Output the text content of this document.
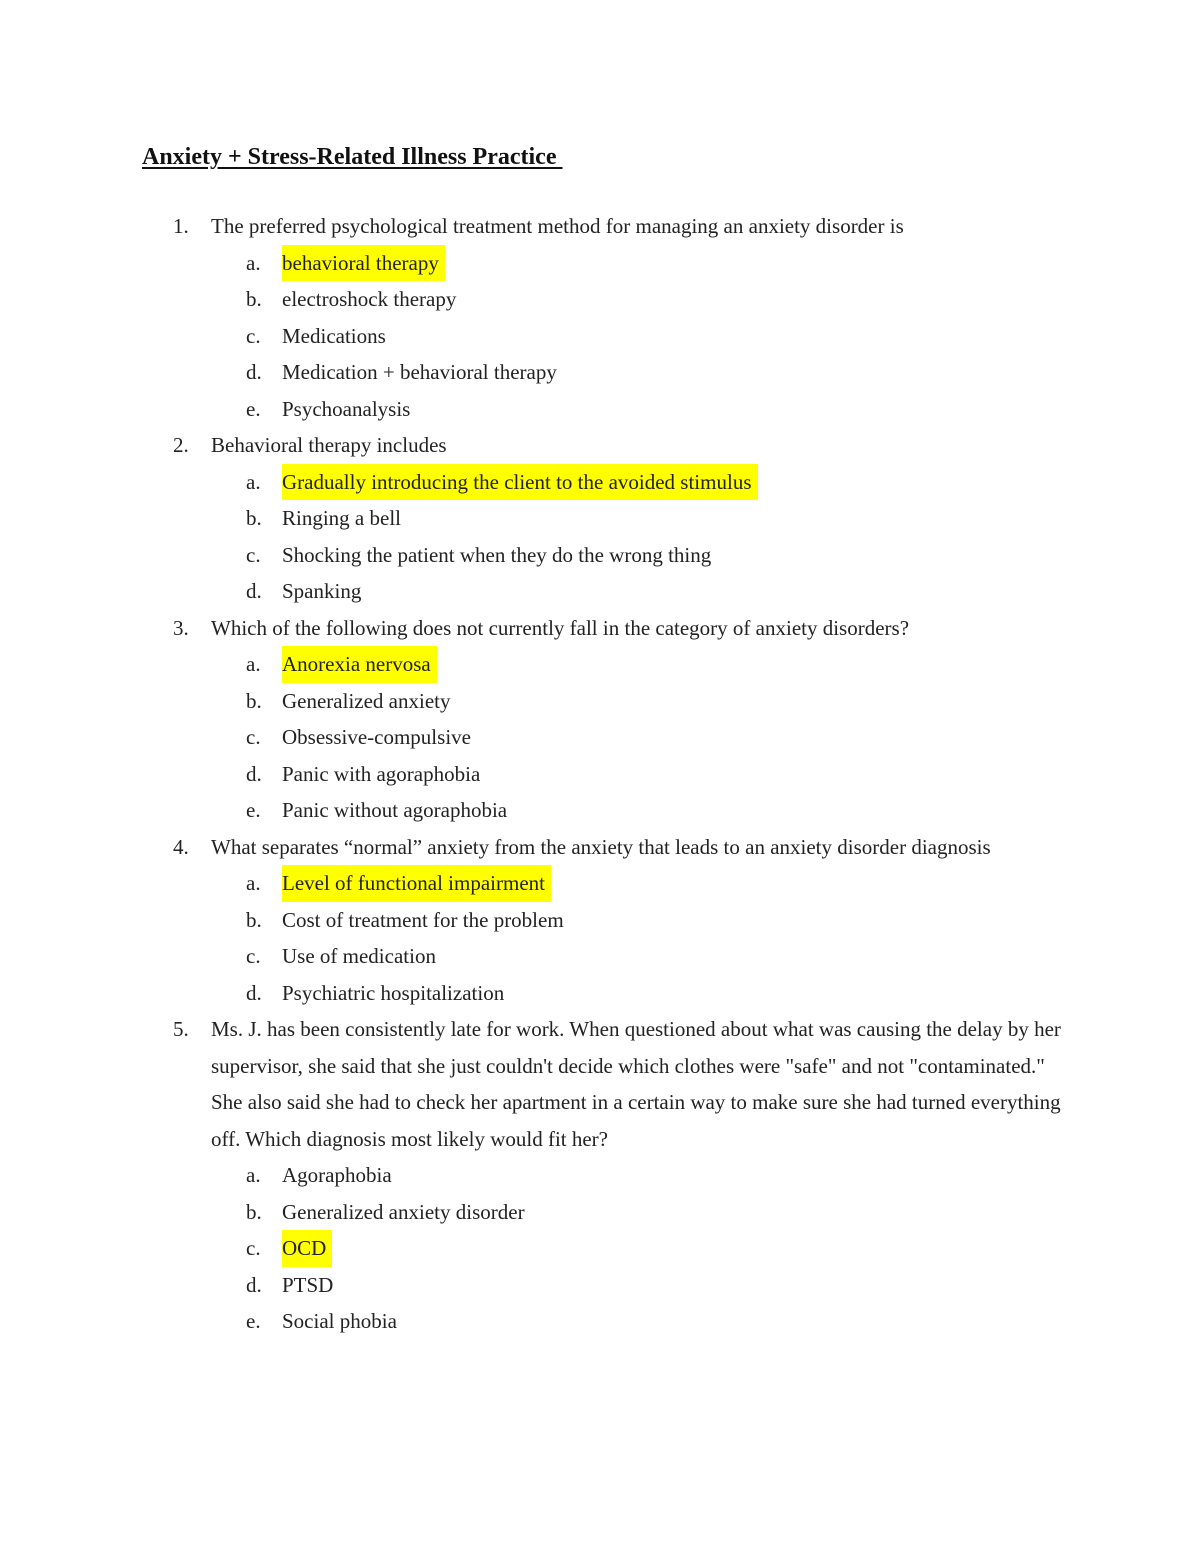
Anxiety + Stress-Related Illness Practice
1.	The preferred psychological treatment method for managing an anxiety disorder is
a.	behavioral therapy
b. electroshock therapy
c.	Medications
d. Medication + behavioral therapy
e.	Psychoanalysis
2.	Behavioral therapy includes
a.	Gradually introducing the client to the avoided stimulus
b. Ringing a bell
c.	Shocking the patient when they do the wrong thing
d. Spanking
3.	Which of the following does not currently fall in the category of anxiety disorders?
a.	Anorexia nervosa
b. Generalized anxiety
c.	Obsessive-compulsive
d. Panic with agoraphobia
e.	Panic without agoraphobia
4.	What separates “normal” anxiety from the anxiety that leads to an anxiety disorder diagnosis
a.	Level of functional impairment
b. Cost of treatment for the problem
c.	Use of medication
d. Psychiatric hospitalization
5.	Ms. J. has been consistently late for work. When questioned about what was causing the delay by her supervisor, she said that she just couldn't decide which clothes were "safe" and not "contaminated." She also said she had to check her apartment in a certain way to make sure she had turned everything off. Which diagnosis most likely would fit her?
a.	Agoraphobia
b. Generalized anxiety disorder
c.	OCD
d. PTSD
e.	Social phobia
